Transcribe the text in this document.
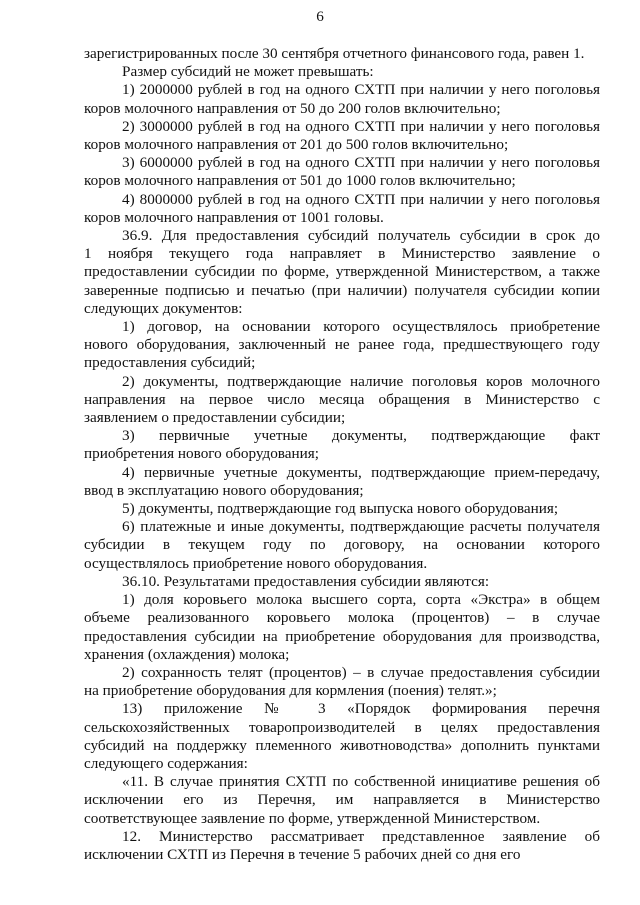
6

зарегистрированных после 30 сентября отчетного финансового года, равен 1.

Размер субсидий не может превышать:

1) 2000000 рублей в год на одного СХТП при наличии у него поголовья

коров молочного направления от 50 до 200 голов включительно;

2) 3000000 рублей в год на одного СХТП при наличии у него поголовья

коров молочного направления от 201 до 500 голов включительно;

3) 6000000 рублей в год на одного СХТП при наличии у него поголовья

коров молочного направления от 501 до 1000 голов включительно;

4) 8000000 рублей в год на одного СХТП при наличии у него поголовья

коров молочного направления от 1001 головы.

36.9. Для предоставления субсидий получатель субсидии в срок до

1 ноября текущего года направляет в Министерство заявление о

предоставлении субсидии по форме, утвержденной Министерством, а также

заверенные подписью и печатью (при наличии) получателя субсидии копии

следующих документов:

1) договор, на основании которого осуществлялось приобретение

нового оборудования, заключенный не ранее года, предшествующего году

предоставления субсидий;

2) документы, подтверждающие наличие поголовья коров молочного

направления на первое число месяца обращения в Министерство с

заявлением о предоставлении субсидии;

3) первичные учетные документы, подтверждающие факт

приобретения нового оборудования;

4) первичные учетные документы, подтверждающие прием-передачу,

ввод в эксплуатацию нового оборудования;

5) документы, подтверждающие год выпуска нового оборудования;

6) платежные и иные документы, подтверждающие расчеты получателя

субсидии в текущем году по договору, на основании которого

осуществлялось приобретение нового оборудования.

36.10. Результатами предоставления субсидии являются:

1) доля коровьего молока высшего сорта, сорта «Экстра» в общем

объеме реализованного коровьего молока (процентов) – в случае

предоставления субсидии на приобретение оборудования для производства,

хранения (охлаждения) молока;

2) сохранность телят (процентов) – в случае предоставления субсидии

на приобретение оборудования для кормления (поения) телят.»;

13) приложение № 3 «Порядок формирования перечня

сельскохозяйственных товаропроизводителей в целях предоставления

субсидий на поддержку племенного животноводства» дополнить пунктами

следующего содержания:

«11. В случае принятия СХТП по собственной инициативе решения об

исключении его из Перечня, им направляется в Министерство

соответствующее заявление по форме, утвержденной Министерством.

12. Министерство рассматривает представленное заявление об

исключении СХТП из Перечня в течение 5 рабочих дней со дня его
